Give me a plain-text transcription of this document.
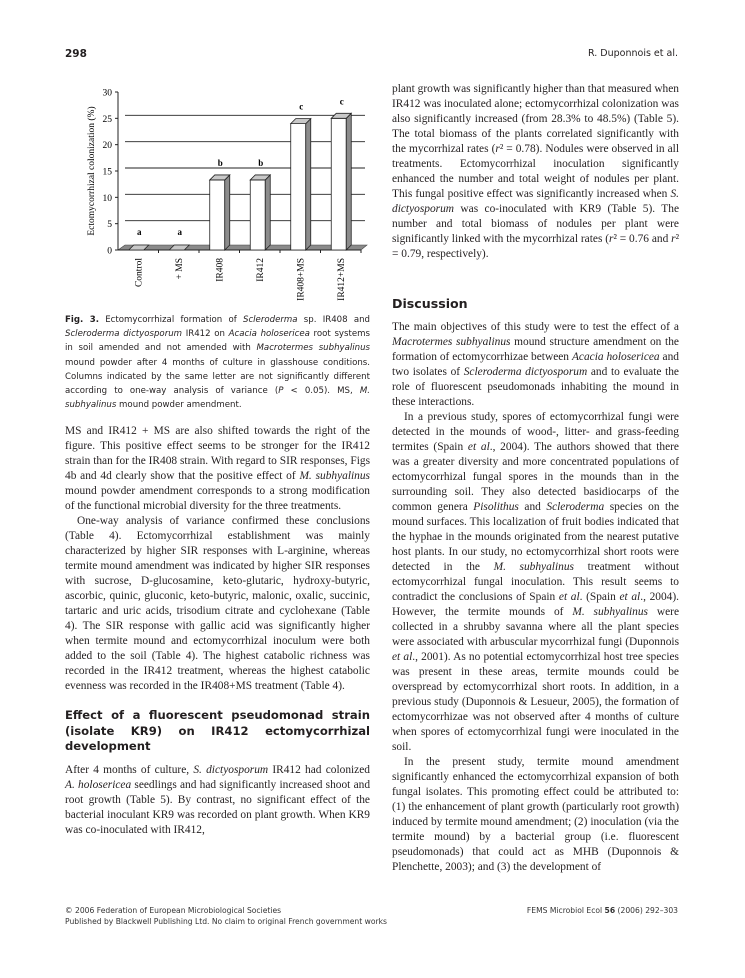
298	R. Duponnois et al.
0
5
10
15
20
25
30
Ectomycorrhizal colonization (%)	a
Control
a
+ MS
b
IR408
b
IR412
c
IR408+MS
c
IR412+MS
Fig. 3. Ectomycorrhizal formation of Scleroderma sp. IR408 and Scleroderma dictyosporum IR412 on Acacia holosericea root systems in soil amended and not amended with Macrotermes subhyalinus mound powder after 4 months of culture in glasshouse conditions. Columns indicated by the same letter are not significantly different according to one-way analysis of variance (P < 0.05). MS, M. subhyalinus mound powder amendment.

MS and IR412 + MS are also shifted towards the right of the figure. This positive effect seems to be stronger for the IR412 strain than for the IR408 strain. With regard to SIR responses, Figs 4b and 4d clearly show that the positive effect of M. subhyalinus mound powder amendment corresponds to a strong modification of the functional microbial diversity for the three treatments.

One-way analysis of variance confirmed these conclusions (Table 4). Ectomycorrhizal establishment was mainly characterized by higher SIR responses with L-arginine, whereas termite mound amendment was indicated by higher SIR responses with sucrose, D-glucosamine, keto-glutaric, hydroxy-butyric, ascorbic, quinic, gluconic, keto-butyric, malonic, oxalic, succinic, tartaric and uric acids, trisodium citrate and cyclohexane (Table 4). The SIR response with gallic acid was significantly higher when termite mound and ectomycorrhizal inoculum were both added to the soil (Table 4). The highest catabolic richness was recorded in the IR412 treatment, whereas the highest catabolic evenness was recorded in the IR408+MS treatment (Table 4).

Effect of a fluorescent pseudomonad strain (isolate KR9) on IR412 ectomycorrhizal development

After 4 months of culture, S. dictyosporum IR412 had colonized A. holosericea seedlings and had significantly increased shoot and root growth (Table 5). By contrast, no significant effect of the bacterial inoculant KR9 was recorded on plant growth. When KR9 was co-inoculated with IR412,

plant growth was significantly higher than that measured when IR412 was inoculated alone; ectomycorrhizal colonization was also significantly increased (from 28.3% to 48.5%) (Table 5). The total biomass of the plants correlated significantly with the mycorrhizal rates (r² = 0.78). Nodules were observed in all treatments. Ectomycorrhizal inoculation significantly enhanced the number and total weight of nodules per plant. This fungal positive effect was significantly increased when S. dictyosporum was co-inoculated with KR9 (Table 5). The number and total biomass of nodules per plant were significantly linked with the mycorrhizal rates (r² = 0.76 and r² = 0.79, respectively).

Discussion

The main objectives of this study were to test the effect of a Macrotermes subhyalinus mound structure amendment on the formation of ectomycorrhizae between Acacia holosericea and two isolates of Scleroderma dictyosporum and to evaluate the role of fluorescent pseudomonads inhabiting the mound in these interactions.

In a previous study, spores of ectomycorrhizal fungi were detected in the mounds of wood-, litter- and grass-feeding termites (Spain et al., 2004). The authors showed that there was a greater diversity and more concentrated populations of ectomycorrhizal fungal spores in the mounds than in the surrounding soil. They also detected basidiocarps of the common genera Pisolithus and Scleroderma species on the mound surfaces. This localization of fruit bodies indicated that the hyphae in the mounds originated from the nearest putative host plants. In our study, no ectomycorrhizal short roots were detected in the M. subhyalinus treatment without ectomycorrhizal fungal inoculation. This result seems to contradict the conclusions of Spain et al. (Spain et al., 2004). However, the termite mounds of M. subhyalinus were collected in a shrubby savanna where all the plant species were associated with arbuscular mycorrhizal fungi (Duponnois et al., 2001). As no potential ectomycorrhizal host tree species was present in these areas, termite mounds could be overspread by ectomycorrhizal short roots. In addition, in a previous study (Duponnois & Lesueur, 2005), the formation of ectomycorrhizae was not observed after 4 months of culture when spores of ectomycorrhizal fungi were inoculated in the soil.

In the present study, termite mound amendment significantly enhanced the ectomycorrhizal expansion of both fungal isolates. This promoting effect could be attributed to: (1) the enhancement of plant growth (particularly root growth) induced by termite mound amendment; (2) inoculation (via the termite mound) by a bacterial group (i.e. fluorescent pseudomonads) that could act as MHB (Duponnois & Plenchette, 2003); and (3) the development of

© 2006 Federation of European Microbiological Societies
Published by Blackwell Publishing Ltd. No claim to original French government works
FEMS Microbiol Ecol 56 (2006) 292–303
